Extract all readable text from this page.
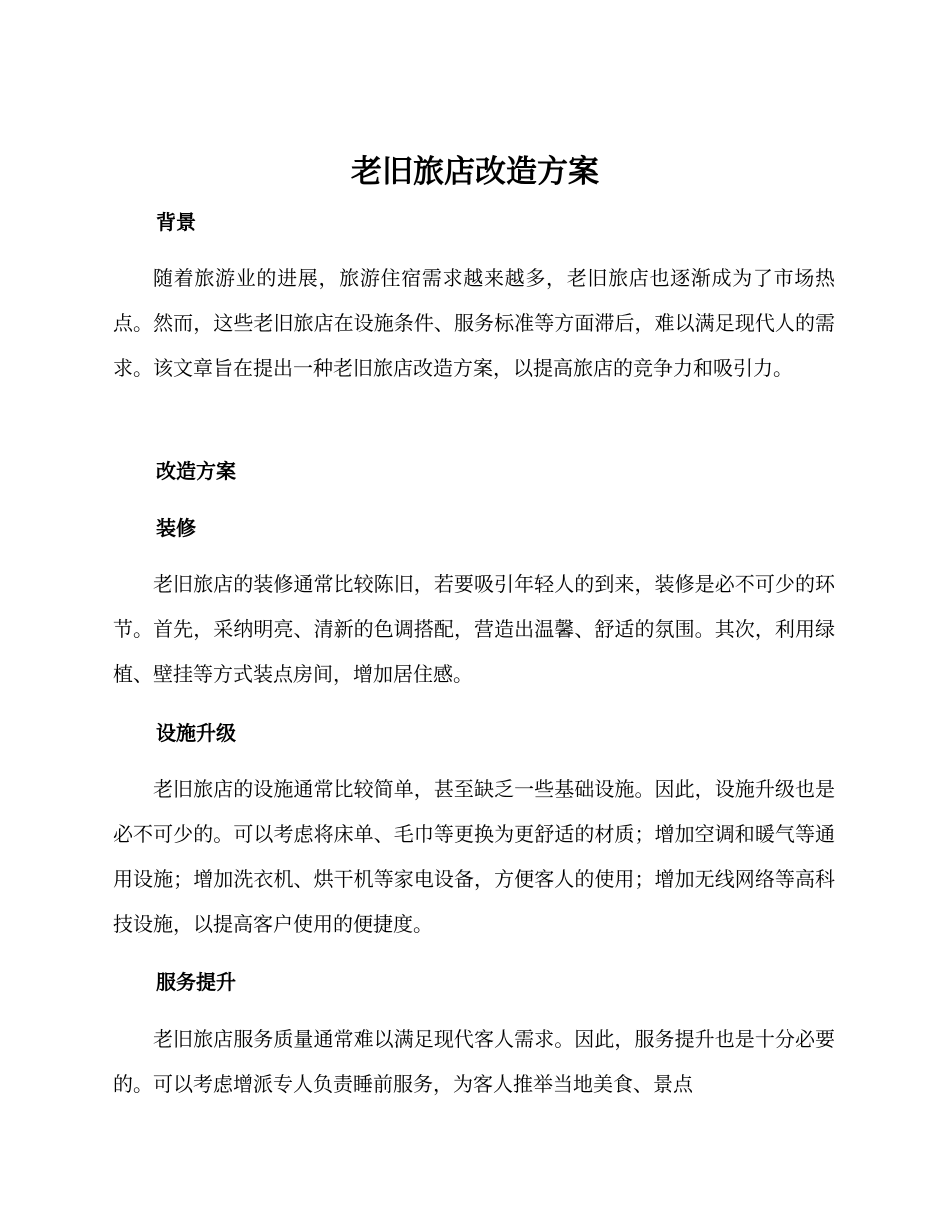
老旧旅店改造方案
背景

随着旅游业的进展，旅游住宿需求越来越多，老旧旅店也逐渐成为了市场热点。然而，这些老旧旅店在设施条件、服务标准等方面滞后，难以满足现代人的需求。该文章旨在提出一种老旧旅店改造方案，以提高旅店的竞争力和吸引力。

改造方案
装修

老旧旅店的装修通常比较陈旧，若要吸引年轻人的到来，装修是必不可少的环节。首先，采纳明亮、清新的色调搭配，营造出温馨、舒适的氛围。其次，利用绿植、壁挂等方式装点房间，增加居住感。

设施升级

老旧旅店的设施通常比较简单，甚至缺乏一些基础设施。因此，设施升级也是必不可少的。可以考虑将床单、毛巾等更换为更舒适的材质；增加空调和暖气等通用设施；增加洗衣机、烘干机等家电设备，方便客人的使用；增加无线网络等高科技设施，以提高客户使用的便捷度。

服务提升

老旧旅店服务质量通常难以满足现代客人需求。因此，服务提升也是十分必要的。可以考虑增派专人负责睡前服务，为客人推举当地美食、景点
